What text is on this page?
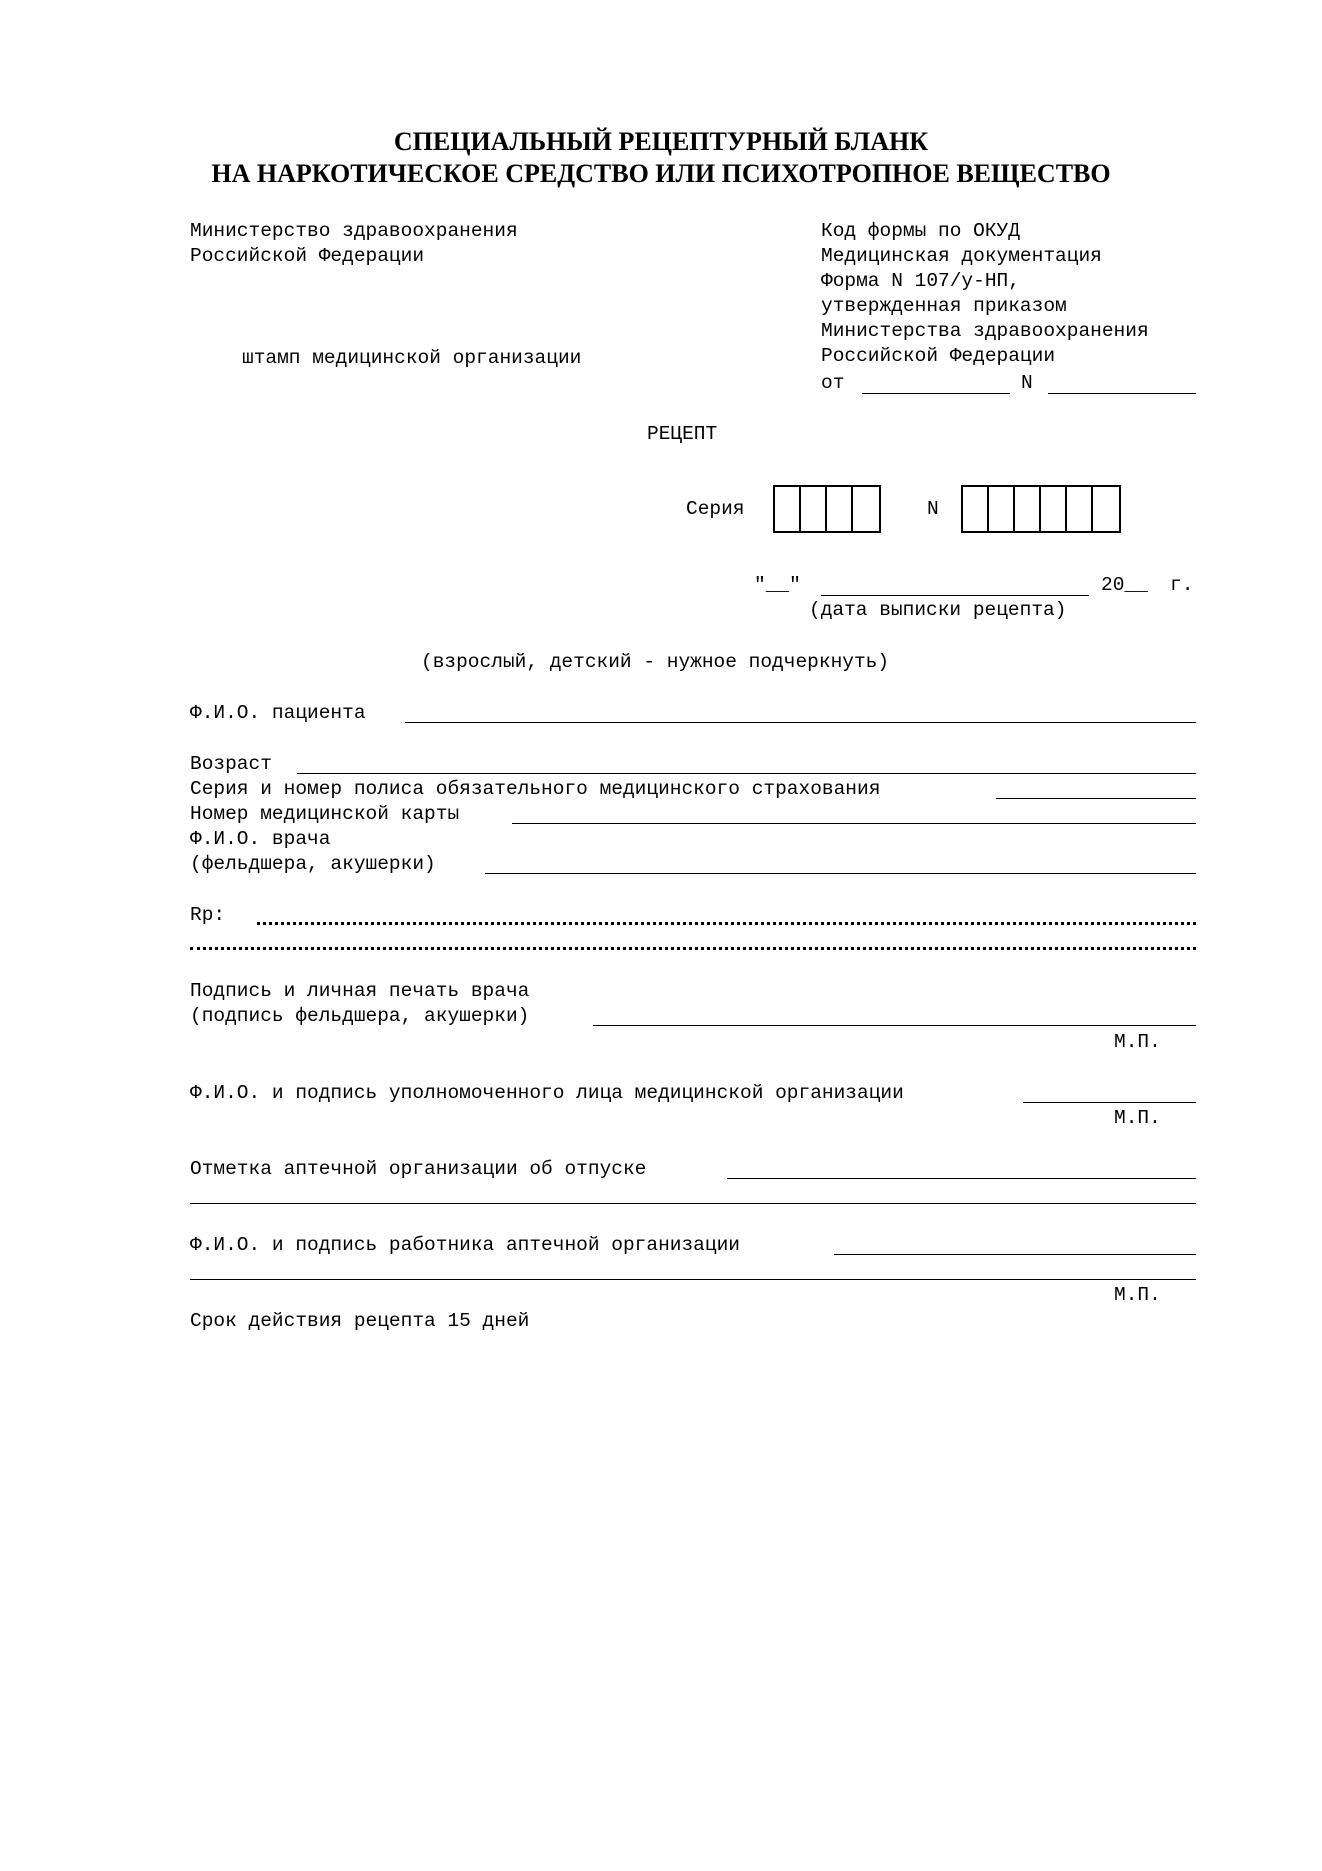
СПЕЦИАЛЬНЫЙ РЕЦЕПТУРНЫЙ БЛАНК
НА НАРКОТИЧЕСКОЕ СРЕДСТВО ИЛИ ПСИХОТРОПНОЕ ВЕЩЕСТВО
Министерство здравоохранения
Российской Федерации
штамп медицинской организации
Код формы по ОКУД
Медицинская документация
Форма N 107/у-НП,
утвержденная приказом
Министерства здравоохранения
Российской Федерации
от	N
РЕЦЕПТ
Серия	N
"__"	20__ г.
(дата выписки рецепта)
(взрослый, детский - нужное подчеркнуть)
Ф.И.О. пациента
Возраст
Серия и номер полиса обязательного медицинского страхования
Номер медицинской карты
Ф.И.О. врача
(фельдшера, акушерки)
Rp:
Подпись и личная печать врача
(подпись фельдшера, акушерки)
М.П.
Ф.И.О. и подпись уполномоченного лица медицинской организации
М.П.
Отметка аптечной организации об отпуске
Ф.И.О. и подпись работника аптечной организации
М.П.
Срок действия рецепта 15 дней
